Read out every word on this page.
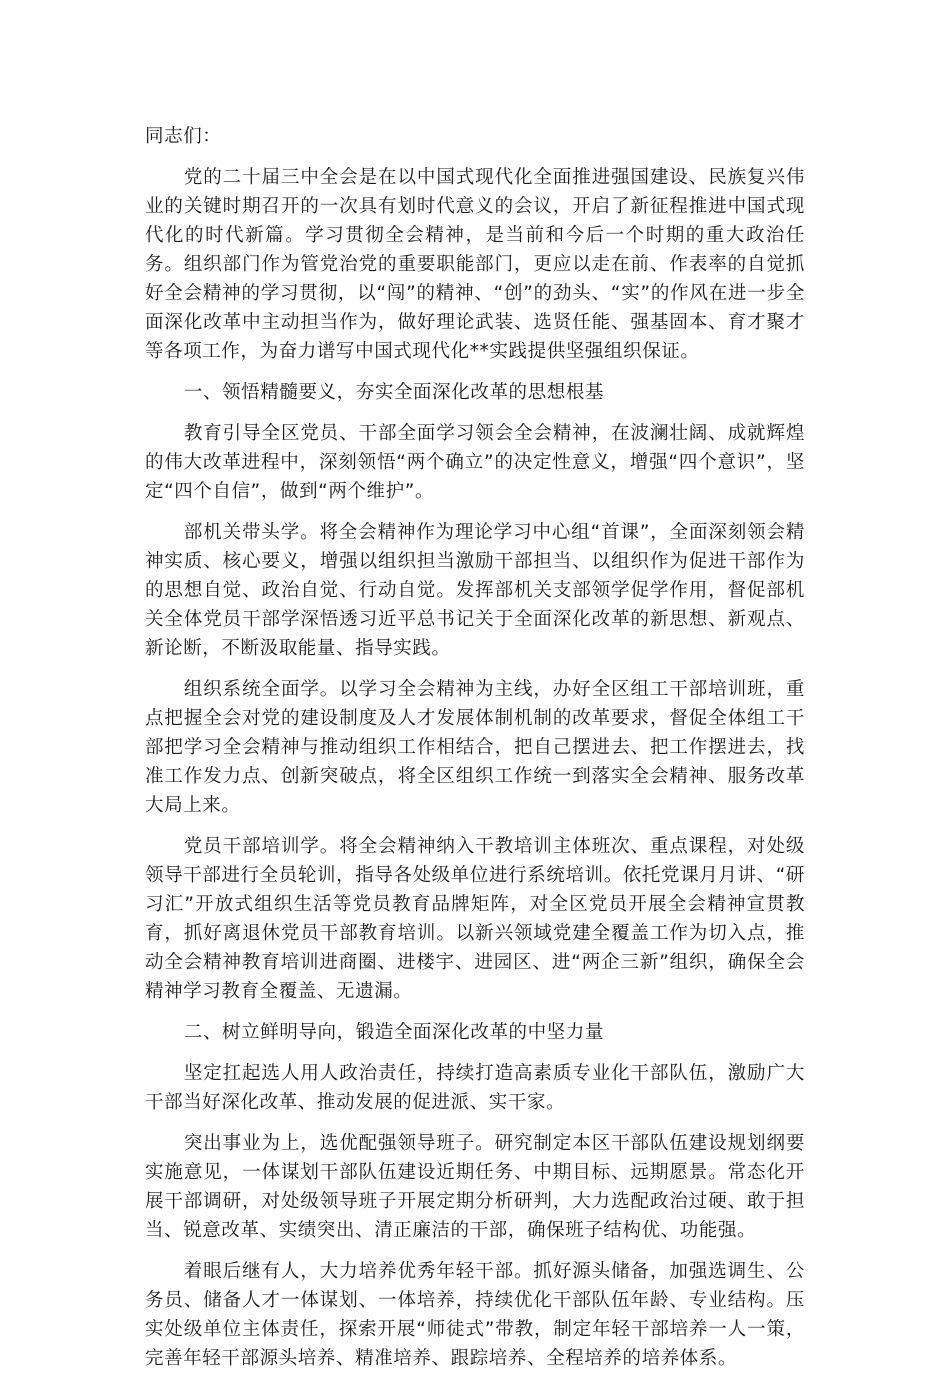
同志们：

党的二十届三中全会是在以中国式现代化全面推进强国建设、民族复兴伟业的关键时期召开的一次具有划时代意义的会议，开启了新征程推进中国式现代化的时代新篇。学习贯彻全会精神，是当前和今后一个时期的重大政治任务。组织部门作为管党治党的重要职能部门，更应以走在前、作表率的自觉抓好全会精神的学习贯彻，以“闯”的精神、“创”的劲头、“实”的作风在进一步全面深化改革中主动担当作为，做好理论武装、选贤任能、强基固本、育才聚才等各项工作，为奋力谱写中国式现代化**实践提供坚强组织保证。

一、领悟精髓要义，夯实全面深化改革的思想根基

教育引导全区党员、干部全面学习领会全会精神，在波澜壮阔、成就辉煌的伟大改革进程中，深刻领悟“两个确立”的决定性意义，增强“四个意识”，坚定“四个自信”，做到“两个维护”。

部机关带头学。将全会精神作为理论学习中心组“首课”，全面深刻领会精神实质、核心要义，增强以组织担当激励干部担当、以组织作为促进干部作为的思想自觉、政治自觉、行动自觉。发挥部机关支部领学促学作用，督促部机关全体党员干部学深悟透习近平总书记关于全面深化改革的新思想、新观点、新论断，不断汲取能量、指导实践。

组织系统全面学。以学习全会精神为主线，办好全区组工干部培训班，重点把握全会对党的建设制度及人才发展体制机制的改革要求，督促全体组工干部把学习全会精神与推动组织工作相结合，把自己摆进去、把工作摆进去，找准工作发力点、创新突破点，将全区组织工作统一到落实全会精神、服务改革大局上来。

党员干部培训学。将全会精神纳入干教培训主体班次、重点课程，对处级领导干部进行全员轮训，指导各处级单位进行系统培训。依托党课月月讲、“研习汇”开放式组织生活等党员教育品牌矩阵，对全区党员开展全会精神宣贯教育，抓好离退休党员干部教育培训。以新兴领域党建全覆盖工作为切入点，推动全会精神教育培训进商圈、进楼宇、进园区、进“两企三新”组织，确保全会精神学习教育全覆盖、无遗漏。

二、树立鲜明导向，锻造全面深化改革的中坚力量

坚定扛起选人用人政治责任，持续打造高素质专业化干部队伍，激励广大干部当好深化改革、推动发展的促进派、实干家。

突出事业为上，选优配强领导班子。研究制定本区干部队伍建设规划纲要实施意见，一体谋划干部队伍建设近期任务、中期目标、远期愿景。常态化开展干部调研，对处级领导班子开展定期分析研判，大力选配政治过硬、敢于担当、锐意改革、实绩突出、清正廉洁的干部，确保班子结构优、功能强。

着眼后继有人，大力培养优秀年轻干部。抓好源头储备，加强选调生、公务员、储备人才一体谋划、一体培养，持续优化干部队伍年龄、专业结构。压实处级单位主体责任，探索开展“师徒式”带教，制定年轻干部培养一人一策，完善年轻干部源头培养、精准培养、跟踪培养、全程培养的培养体系。
